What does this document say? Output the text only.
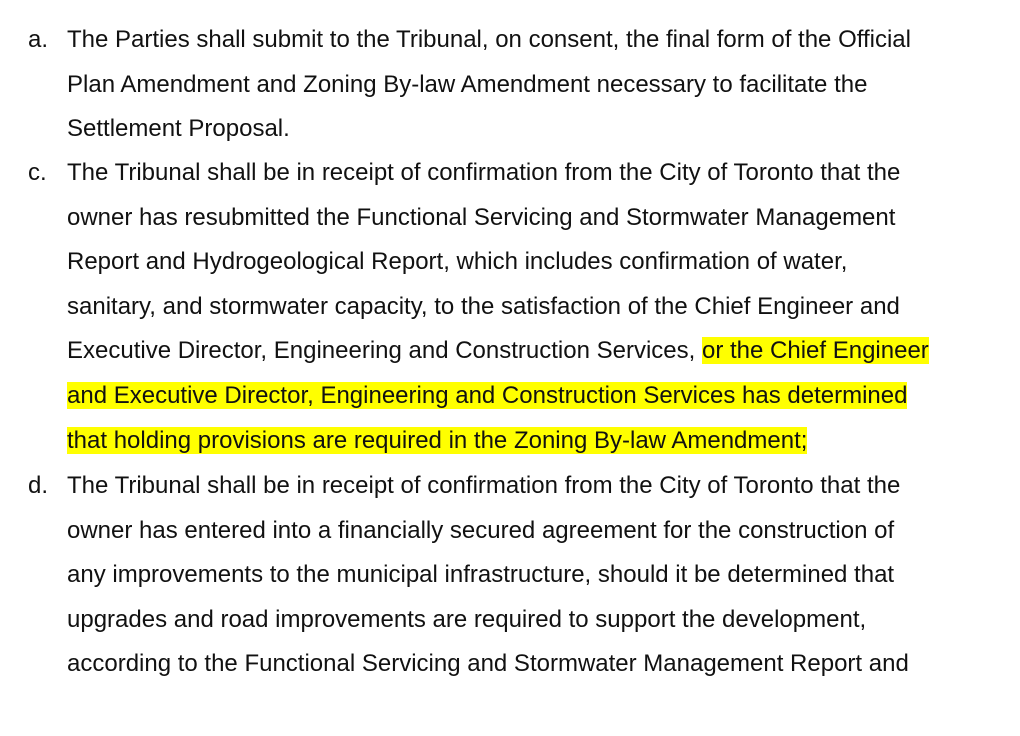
a. The Parties shall submit to the Tribunal, on consent, the final form of the Official
Plan Amendment and Zoning By-law Amendment necessary to facilitate the
Settlement Proposal.
c. The Tribunal shall be in receipt of confirmation from the City of Toronto that the
owner has resubmitted the Functional Servicing and Stormwater Management
Report and Hydrogeological Report, which includes confirmation of water,
sanitary, and stormwater capacity, to the satisfaction of the Chief Engineer and
Executive Director, Engineering and Construction Services, or the Chief Engineer
and Executive Director, Engineering and Construction Services has determined
that holding provisions are required in the Zoning By-law Amendment;
d. The Tribunal shall be in receipt of confirmation from the City of Toronto that the
owner has entered into a financially secured agreement for the construction of
any improvements to the municipal infrastructure, should it be determined that
upgrades and road improvements are required to support the development,
according to the Functional Servicing and Stormwater Management Report and
